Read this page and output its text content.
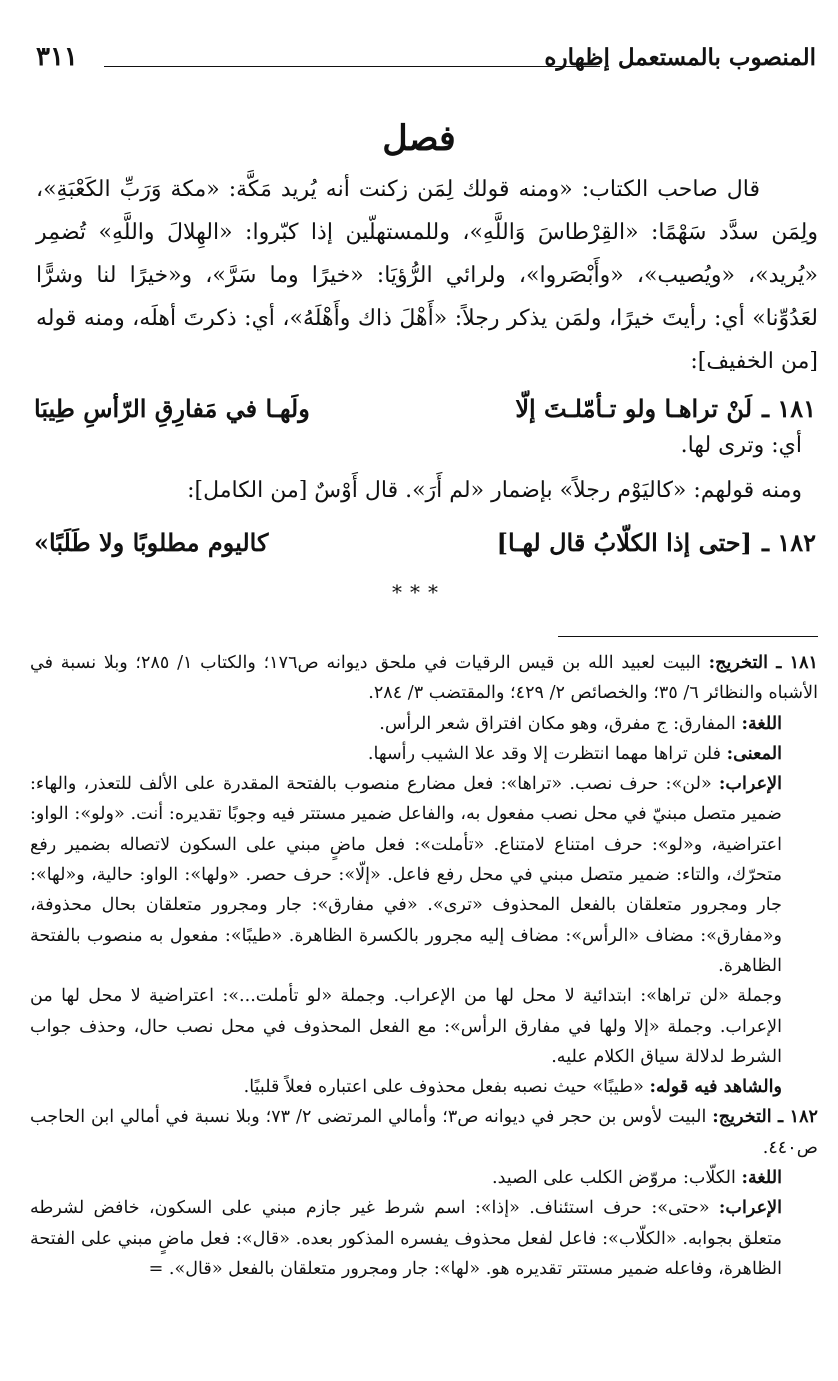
المنصوب بالمستعمل إظهاره
٣١١
فصل

قال صاحب الكتاب: «ومنه قولك لِمَن زكنت أنه يُريد مَكَّة: «مكة وَرَبِّ الكَعْبَةِ»، ولِمَن سدَّد سَهْمًا: «القِرْطاسَ وَاللَّهِ»، وللمستهلّين إذا كبّروا: «الهِلالَ واللَّهِ» تُضمِر «يُريد»، «ويُصيب»، «وأَبْصَروا»، ولرائي الرُّؤيَا: «خيرًا وما سَرَّ»، و«خيرًا لنا وشرًّا لعَدُوِّنا» أي: رأيتَ خيرًا، ولمَن يذكر رجلاً: «أَهْلَ ذاك وأَهْلَهُ»، أي: ذكرتَ أهلَه، ومنه قوله [من الخفيف]:

١٨١ ـ
لَنْ تراهـا ولو تـأمّلـتَ إلّا
ولَهـا في مَفارِقِ الرّأسِ طِيبَا
أي: وترى لها.
ومنه قولهم: «كاليَوْم رجلاً» بإضمار «لم أَرَ». قال أَوْسٌ [من الكامل]:
١٨٢ ـ
[حتى إذا الكلّابُ قال لهـا]
كاليوم مطلوبًا ولا طَلَبًا»
***

١٨١ ـ التخريج: البيت لعبيد الله بن قيس الرقيات في ملحق ديوانه ص١٧٦؛ والكتاب ١/ ٢٨٥؛ وبلا نسبة في الأشباه والنظائر ٦/ ٣٥؛ والخصائص ٢/ ٤٢٩؛ والمقتضب ٣/ ٢٨٤.

اللغة: المفارق: ج مفرق، وهو مكان افتراق شعر الرأس.

المعنى: فلن تراها مهما انتظرت إلا وقد علا الشيب رأسها.

الإعراب: «لن»: حرف نصب. «تراها»: فعل مضارع منصوب بالفتحة المقدرة على الألف للتعذر، والهاء: ضمير متصل مبنيّ في محل نصب مفعول به، والفاعل ضمير مستتر فيه وجوبًا تقديره: أنت. «ولو»: الواو: اعتراضية، و«لو»: حرف امتناع لامتناع. «تأملت»: فعل ماضٍ مبني على السكون لاتصاله بضمير رفع متحرّك، والتاء: ضمير متصل مبني في محل رفع فاعل. «إلّا»: حرف حصر. «ولها»: الواو: حالية، و«لها»: جار ومجرور متعلقان بالفعل المحذوف «ترى». «في مفارق»: جار ومجرور متعلقان بحال محذوفة، و«مفارق»: مضاف «الرأس»: مضاف إليه مجرور بالكسرة الظاهرة. «طيبًا»: مفعول به منصوب بالفتحة الظاهرة.

وجملة «لن تراها»: ابتدائية لا محل لها من الإعراب. وجملة «لو تأملت...»: اعتراضية لا محل لها من الإعراب. وجملة «إلا ولها في مفارق الرأس»: مع الفعل المحذوف في محل نصب حال، وحذف جواب الشرط لدلالة سياق الكلام عليه.

والشاهد فيه قوله: «طيبًا» حيث نصبه بفعل محذوف على اعتباره فعلاً قلبيًا.

١٨٢ ـ التخريج: البيت لأوس بن حجر في ديوانه ص٣؛ وأمالي المرتضى ٢/ ٧٣؛ وبلا نسبة في أمالي ابن الحاجب ص٤٤٠.

اللغة: الكلّاب: مروّض الكلب على الصيد.

الإعراب: «حتى»: حرف استئناف. «إذا»: اسم شرط غير جازم مبني على السكون، خافض لشرطه متعلق بجوابه. «الكلّاب»: فاعل لفعل محذوف يفسره المذكور بعده. «قال»: فعل ماضٍ مبني على الفتحة الظاهرة، وفاعله ضمير مستتر تقديره هو. «لها»: جار ومجرور متعلقان بالفعل «قال». =
